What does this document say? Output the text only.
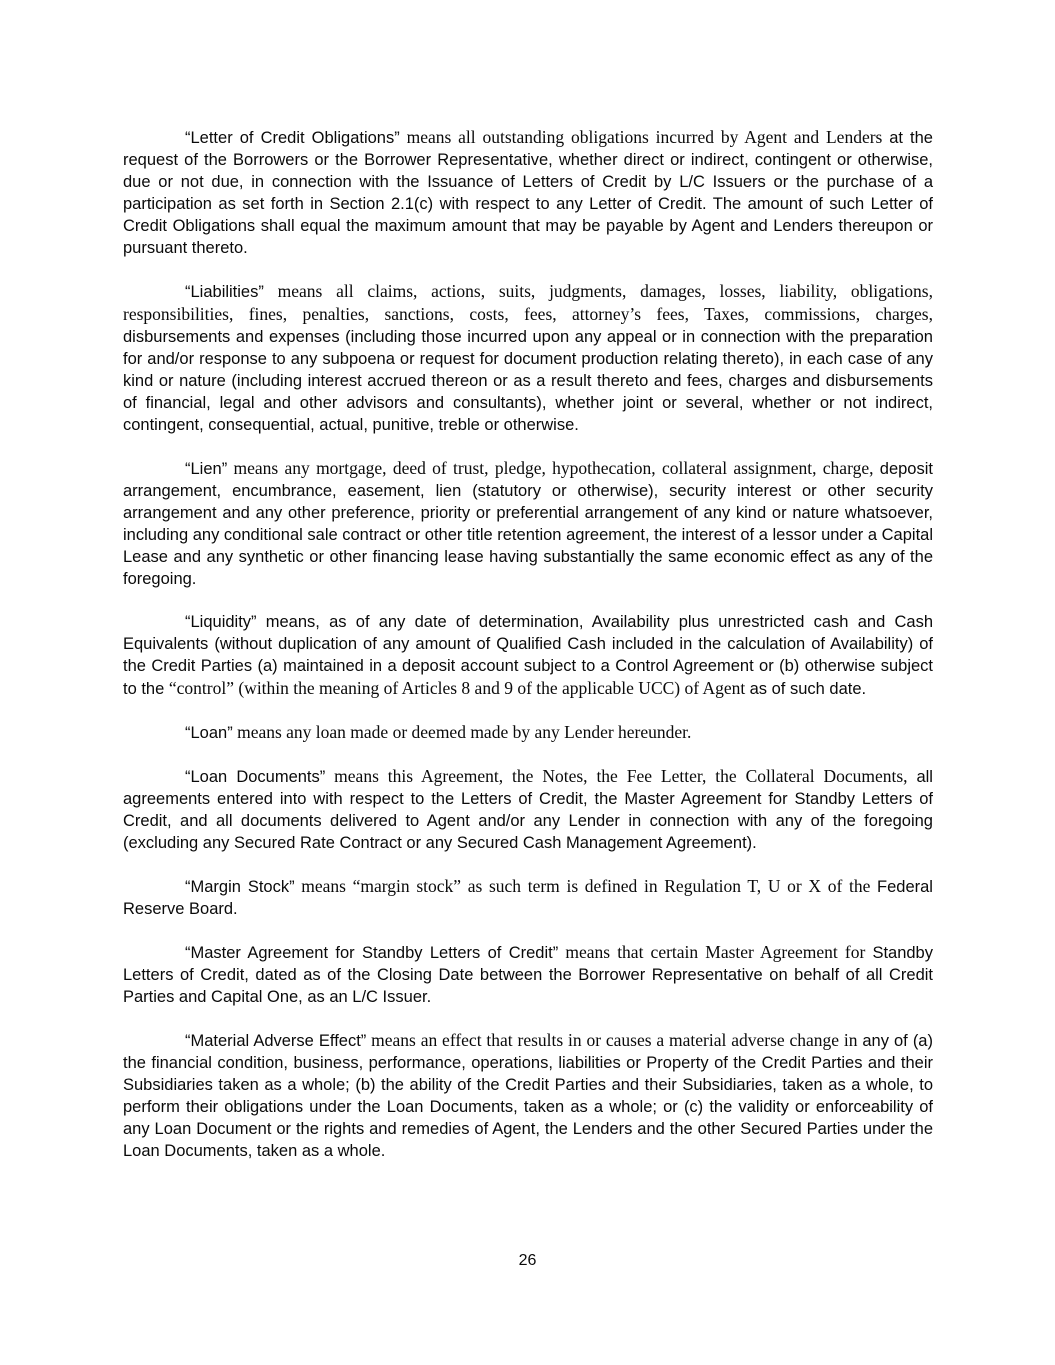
“Letter of Credit Obligations” means all outstanding obligations incurred by Agent and Lenders at the request of the Borrowers or the Borrower Representative, whether direct or indirect, contingent or otherwise, due or not due, in connection with the Issuance of Letters of Credit by L/C Issuers or the purchase of a participation as set forth in Section 2.1(c) with respect to any Letter of Credit. The amount of such Letter of Credit Obligations shall equal the maximum amount that may be payable by Agent and Lenders thereupon or pursuant thereto.

“Liabilities” means all claims, actions, suits, judgments, damages, losses, liability, obligations, responsibilities, fines, penalties, sanctions, costs, fees, attorney’s fees, Taxes, commissions, charges, disbursements and expenses (including those incurred upon any appeal or in connection with the preparation for and/or response to any subpoena or request for document production relating thereto), in each case of any kind or nature (including interest accrued thereon or as a result thereto and fees, charges and disbursements of financial, legal and other advisors and consultants), whether joint or several, whether or not indirect, contingent, consequential, actual, punitive, treble or otherwise.

“Lien” means any mortgage, deed of trust, pledge, hypothecation, collateral assignment, charge, deposit arrangement, encumbrance, easement, lien (statutory or otherwise), security interest or other security arrangement and any other preference, priority or preferential arrangement of any kind or nature whatsoever, including any conditional sale contract or other title retention agreement, the interest of a lessor under a Capital Lease and any synthetic or other financing lease having substantially the same economic effect as any of the foregoing.

“Liquidity” means, as of any date of determination, Availability plus unrestricted cash and Cash Equivalents (without duplication of any amount of Qualified Cash included in the calculation of Availability) of the Credit Parties (a) maintained in a deposit account subject to a Control Agreement or (b) otherwise subject to the “control” (within the meaning of Articles 8 and 9 of the applicable UCC) of Agent as of such date.

“Loan” means any loan made or deemed made by any Lender hereunder.

“Loan Documents” means this Agreement, the Notes, the Fee Letter, the Collateral Documents, all agreements entered into with respect to the Letters of Credit, the Master Agreement for Standby Letters of Credit, and all documents delivered to Agent and/or any Lender in connection with any of the foregoing (excluding any Secured Rate Contract or any Secured Cash Management Agreement).

“Margin Stock” means “margin stock” as such term is defined in Regulation T, U or X of the Federal Reserve Board.

“Master Agreement for Standby Letters of Credit” means that certain Master Agreement for Standby Letters of Credit, dated as of the Closing Date between the Borrower Representative on behalf of all Credit Parties and Capital One, as an L/C Issuer.

“Material Adverse Effect” means an effect that results in or causes a material adverse change in any of (a) the financial condition, business, performance, operations, liabilities or Property of the Credit Parties and their Subsidiaries taken as a whole; (b) the ability of the Credit Parties and their Subsidiaries, taken as a whole, to perform their obligations under the Loan Documents, taken as a whole; or (c) the validity or enforceability of any Loan Document or the rights and remedies of Agent, the Lenders and the other Secured Parties under the Loan Documents, taken as a whole.

26
